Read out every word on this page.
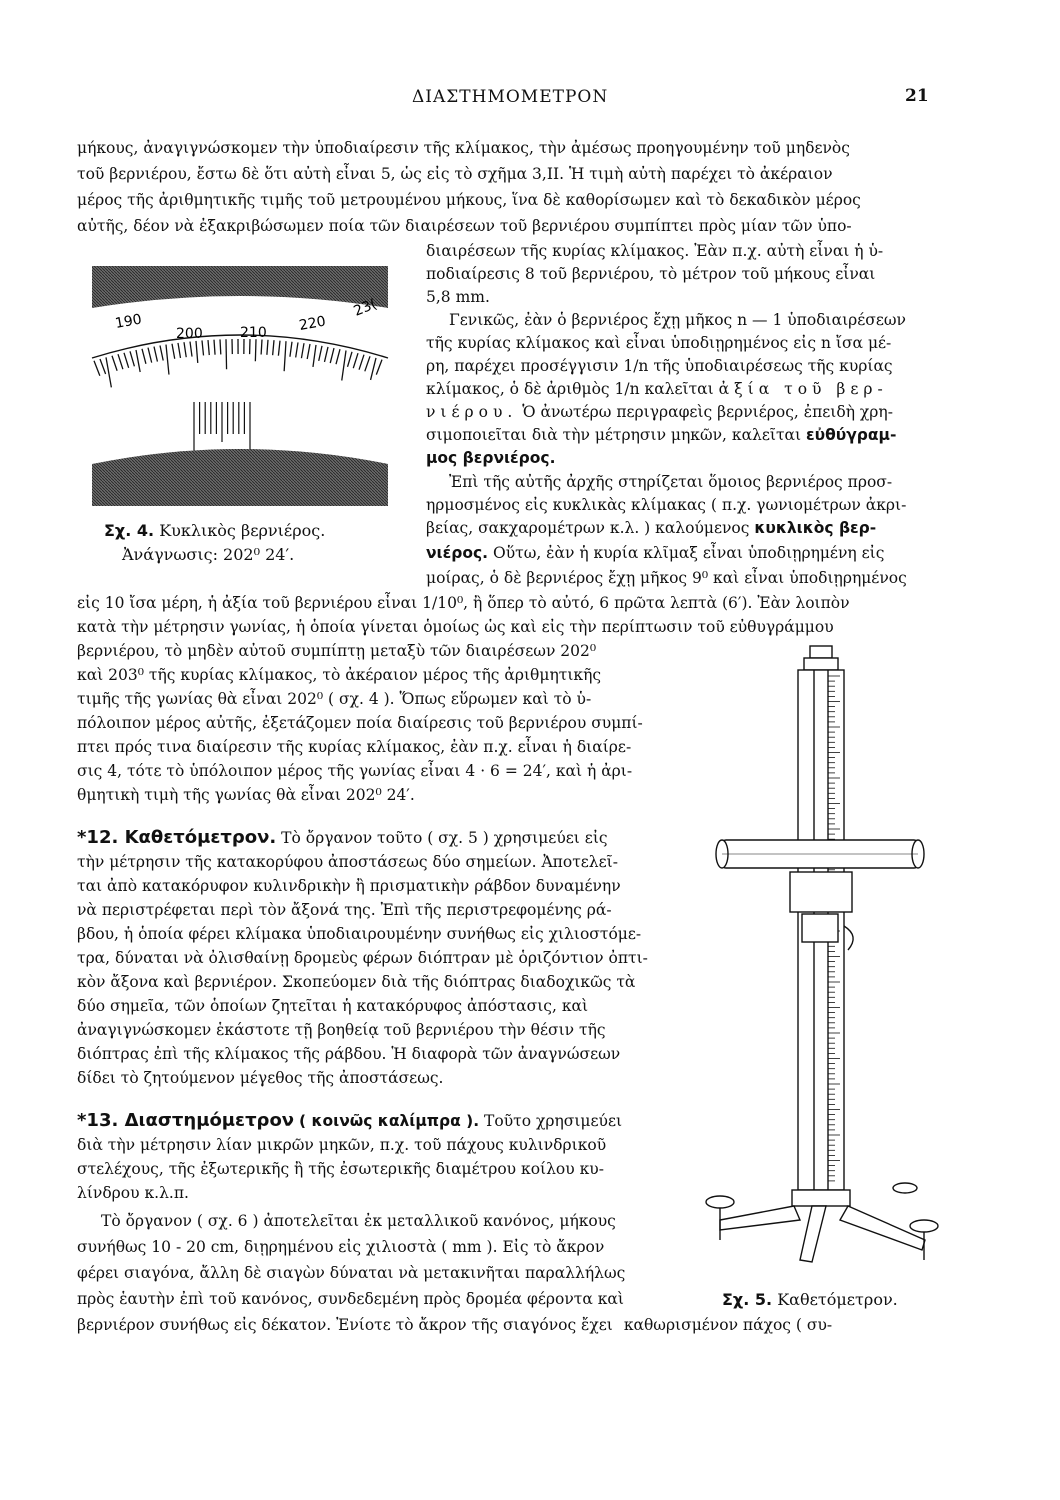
ΔΙΑΣΤΗΜΟΜΕΤΡΟΝ	21
μήκους, ἀναγιγνώσκομεν τὴν ὑποδιαίρεσιν τῆς κλίμακος, τὴν ἀμέσως προηγουμένην τοῦ μηδενὸς
τοῦ βερνιέρου, ἔστω δὲ ὅτι αὐτὴ εἶναι 5, ὡς εἰς τὸ σχῆμα 3,ΙΙ. Ἡ τιμὴ αὐτὴ παρέχει τὸ ἀκέραιον
μέρος τῆς ἀριθμητικῆς τιμῆς τοῦ μετρουμένου μήκους, ἵνα δὲ καθορίσωμεν καὶ τὸ δεκαδικὸν μέρος
αὐτῆς, δέον νὰ ἐξακριβώσωμεν ποία τῶν διαιρέσεων τοῦ βερνιέρου συμπίπτει πρὸς μίαν τῶν ὑπο-
190
200	210 220
23(
Σχ. 4. Κυκλικὸς βερνιέρος.
Ἀνάγνωσις: 202⁰ 24′.
διαιρέσεων τῆς κυρίας κλίμακος. Ἐὰν π.χ. αὐτὴ εἶναι ἡ ὑ-
ποδιαίρεσις 8 τοῦ βερνιέρου, τὸ μέτρον τοῦ μήκους εἶναι
5,8 mm.
Γενικῶς, ἐὰν ὁ βερνιέρος ἔχῃ μῆκος n — 1 ὑποδιαιρέσεων
τῆς κυρίας κλίμακος καὶ εἶναι ὑποδιῃρημένος εἰς n ἴσα μέ-
ρη, παρέχει προσέγγισιν 1/n τῆς ὑποδιαιρέσεως τῆς κυρίας
κλίμακος, ὁ δὲ ἀριθμὸς 1/n καλεῖται ἀξία τοῦ βερ-
νιέρου. Ὁ ἀνωτέρω περιγραφεὶς βερνιέρος, ἐπειδὴ χρη-
σιμοποιεῖται διὰ τὴν μέτρησιν μηκῶν, καλεῖται εὐθύγραμ-
μος βερνιέρος.
Ἐπὶ τῆς αὐτῆς ἀρχῆς στηρίζεται ὅμοιος βερνιέρος προσ-
ηρμοσμένος εἰς κυκλικὰς κλίμακας ( π.χ. γωνιομέτρων ἀκρι-
βείας, σακχαρομέτρων κ.λ. ) καλούμενος κυκλικὸς βερ-
νιέρος. Οὕτω, ἐὰν ἡ κυρία κλῖμαξ εἶναι ὑποδιῃρημένη εἰς
μοίρας, ὁ δὲ βερνιέρος ἔχῃ μῆκος 9⁰ καὶ εἶναι ὑποδιῃρημένος
εἰς 10 ἴσα μέρη, ἡ ἀξία τοῦ βερνιέρου εἶναι 1/10⁰, ἢ ὅπερ τὸ αὐτό, 6 πρῶτα λεπτὰ (6′). Ἐὰν λοιπὸν
κατὰ τὴν μέτρησιν γωνίας, ἡ ὁποία γίνεται ὁμοίως ὡς καὶ εἰς τὴν περίπτωσιν τοῦ εὐθυγράμμου
βερνιέρου, τὸ μηδὲν αὐτοῦ συμπίπτῃ μεταξὺ τῶν διαιρέσεων 202⁰
καὶ 203⁰ τῆς κυρίας κλίμακος, τὸ ἀκέραιον μέρος τῆς ἀριθμητικῆς
τιμῆς τῆς γωνίας θὰ εἶναι 202⁰ ( σχ. 4 ). Ὅπως εὕρωμεν καὶ τὸ ὑ-
πόλοιπον μέρος αὐτῆς, ἐξετάζομεν ποία διαίρεσις τοῦ βερνιέρου συμπί-
πτει πρός τινα διαίρεσιν τῆς κυρίας κλίμακος, ἐὰν π.χ. εἶναι ἡ διαίρε-
σις 4, τότε τὸ ὑπόλοιπον μέρος τῆς γωνίας εἶναι 4 · 6 = 24′, καὶ ἡ ἀρι-
θμητικὴ τιμὴ τῆς γωνίας θὰ εἶναι 202⁰ 24′.
*12. Καθετόμετρον. Τὸ ὄργανον τοῦτο ( σχ. 5 ) χρησιμεύει εἰς
τὴν μέτρησιν τῆς κατακορύφου ἀποστάσεως δύο σημείων. Ἀποτελεῖ-
ται ἀπὸ κατακόρυφον κυλινδρικὴν ἢ πρισματικὴν ράβδον δυναμένην
νὰ περιστρέφεται περὶ τὸν ἄξονά της. Ἐπὶ τῆς περιστρεφομένης ρά-
βδου, ἡ ὁποία φέρει κλίμακα ὑποδιαιρουμένην συνήθως εἰς χιλιοστόμε-
τρα, δύναται νὰ ὀλισθαίνῃ δρομεὺς φέρων διόπτραν μὲ ὁριζόντιον ὀπτι-
κὸν ἄξονα καὶ βερνιέρον. Σκοπεύομεν διὰ τῆς διόπτρας διαδοχικῶς τὰ
δύο σημεῖα, τῶν ὁποίων ζητεῖται ἡ κατακόρυφος ἀπόστασις, καὶ
ἀναγιγνώσκομεν ἑκάστοτε τῇ βοηθείᾳ τοῦ βερνιέρου τὴν θέσιν τῆς
διόπτρας ἐπὶ τῆς κλίμακος τῆς ράβδου. Ἡ διαφορὰ τῶν ἀναγνώσεων
δίδει τὸ ζητούμενον μέγεθος τῆς ἀποστάσεως.
*13. Διαστημόμετρον ( κοινῶς καλίμπρα ). Τοῦτο χρησιμεύει
διὰ τὴν μέτρησιν λίαν μικρῶν μηκῶν, π.χ. τοῦ πάχους κυλινδρικοῦ
στελέχους, τῆς ἐξωτερικῆς ἢ τῆς ἐσωτερικῆς διαμέτρου κοίλου κυ-
λίνδρου κ.λ.π.
Τὸ ὄργανον ( σχ. 6 ) ἀποτελεῖται ἐκ μεταλλικοῦ κανόνος, μήκους
συνήθως 10 - 20 cm, διῃρημένου εἰς χιλιοστὰ ( mm ). Εἰς τὸ ἄκρον
φέρει σιαγόνα, ἄλλη δὲ σιαγὼν δύναται νὰ μετακινῆται παραλλήλως
πρὸς ἑαυτὴν ἐπὶ τοῦ κανόνος, συνδεδεμένη πρὸς δρομέα φέροντα καὶ
βερνιέρον συνήθως εἰς δέκατον. Ἐνίοτε τὸ ἄκρον τῆς σιαγόνος ἔχει καθωρισμένον πάχος ( συ-
Σχ. 5. Καθετόμετρον.
